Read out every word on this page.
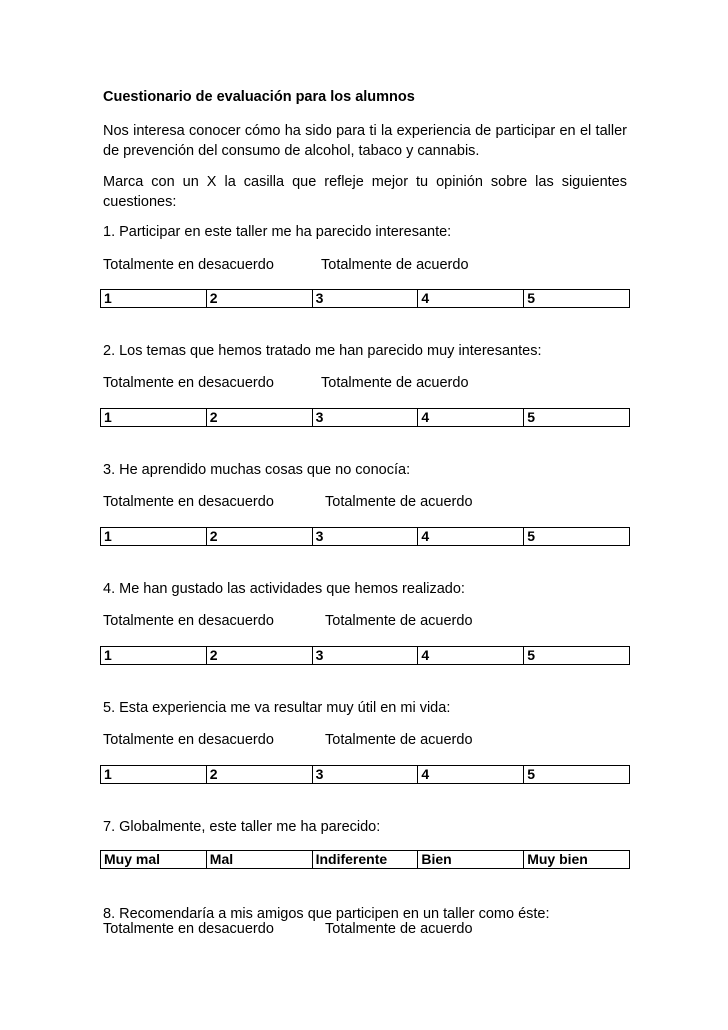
Cuestionario de evaluación para los alumnos

Nos interesa conocer cómo ha sido para ti la experiencia de participar en el taller de prevención del consumo de alcohol, tabaco y cannabis.

Marca con un X la casilla que refleje mejor tu opinión sobre las siguientes cuestiones:

1. Participar en este taller me ha parecido interesante:

Totalmente en desacuerdo	Totalmente de acuerdo
1	2	3	4	5

2. Los temas que hemos tratado me han parecido muy interesantes:

Totalmente en desacuerdo	Totalmente de acuerdo
1	2	3	4	5

3. He aprendido muchas cosas que no conocía:

Totalmente en desacuerdo	Totalmente de acuerdo
1	2	3	4	5

4. Me han gustado las actividades que hemos realizado:

Totalmente en desacuerdo	Totalmente de acuerdo
1	2	3	4	5

5. Esta experiencia me va resultar muy útil en mi vida:

Totalmente en desacuerdo	Totalmente de acuerdo
1	2	3	4	5

7. Globalmente, este taller me ha parecido:

Muy mal	Mal	Indiferente	Bien	Muy bien

8. Recomendaría a mis amigos que participen en un taller como éste:

Totalmente en desacuerdo	Totalmente de acuerdo
